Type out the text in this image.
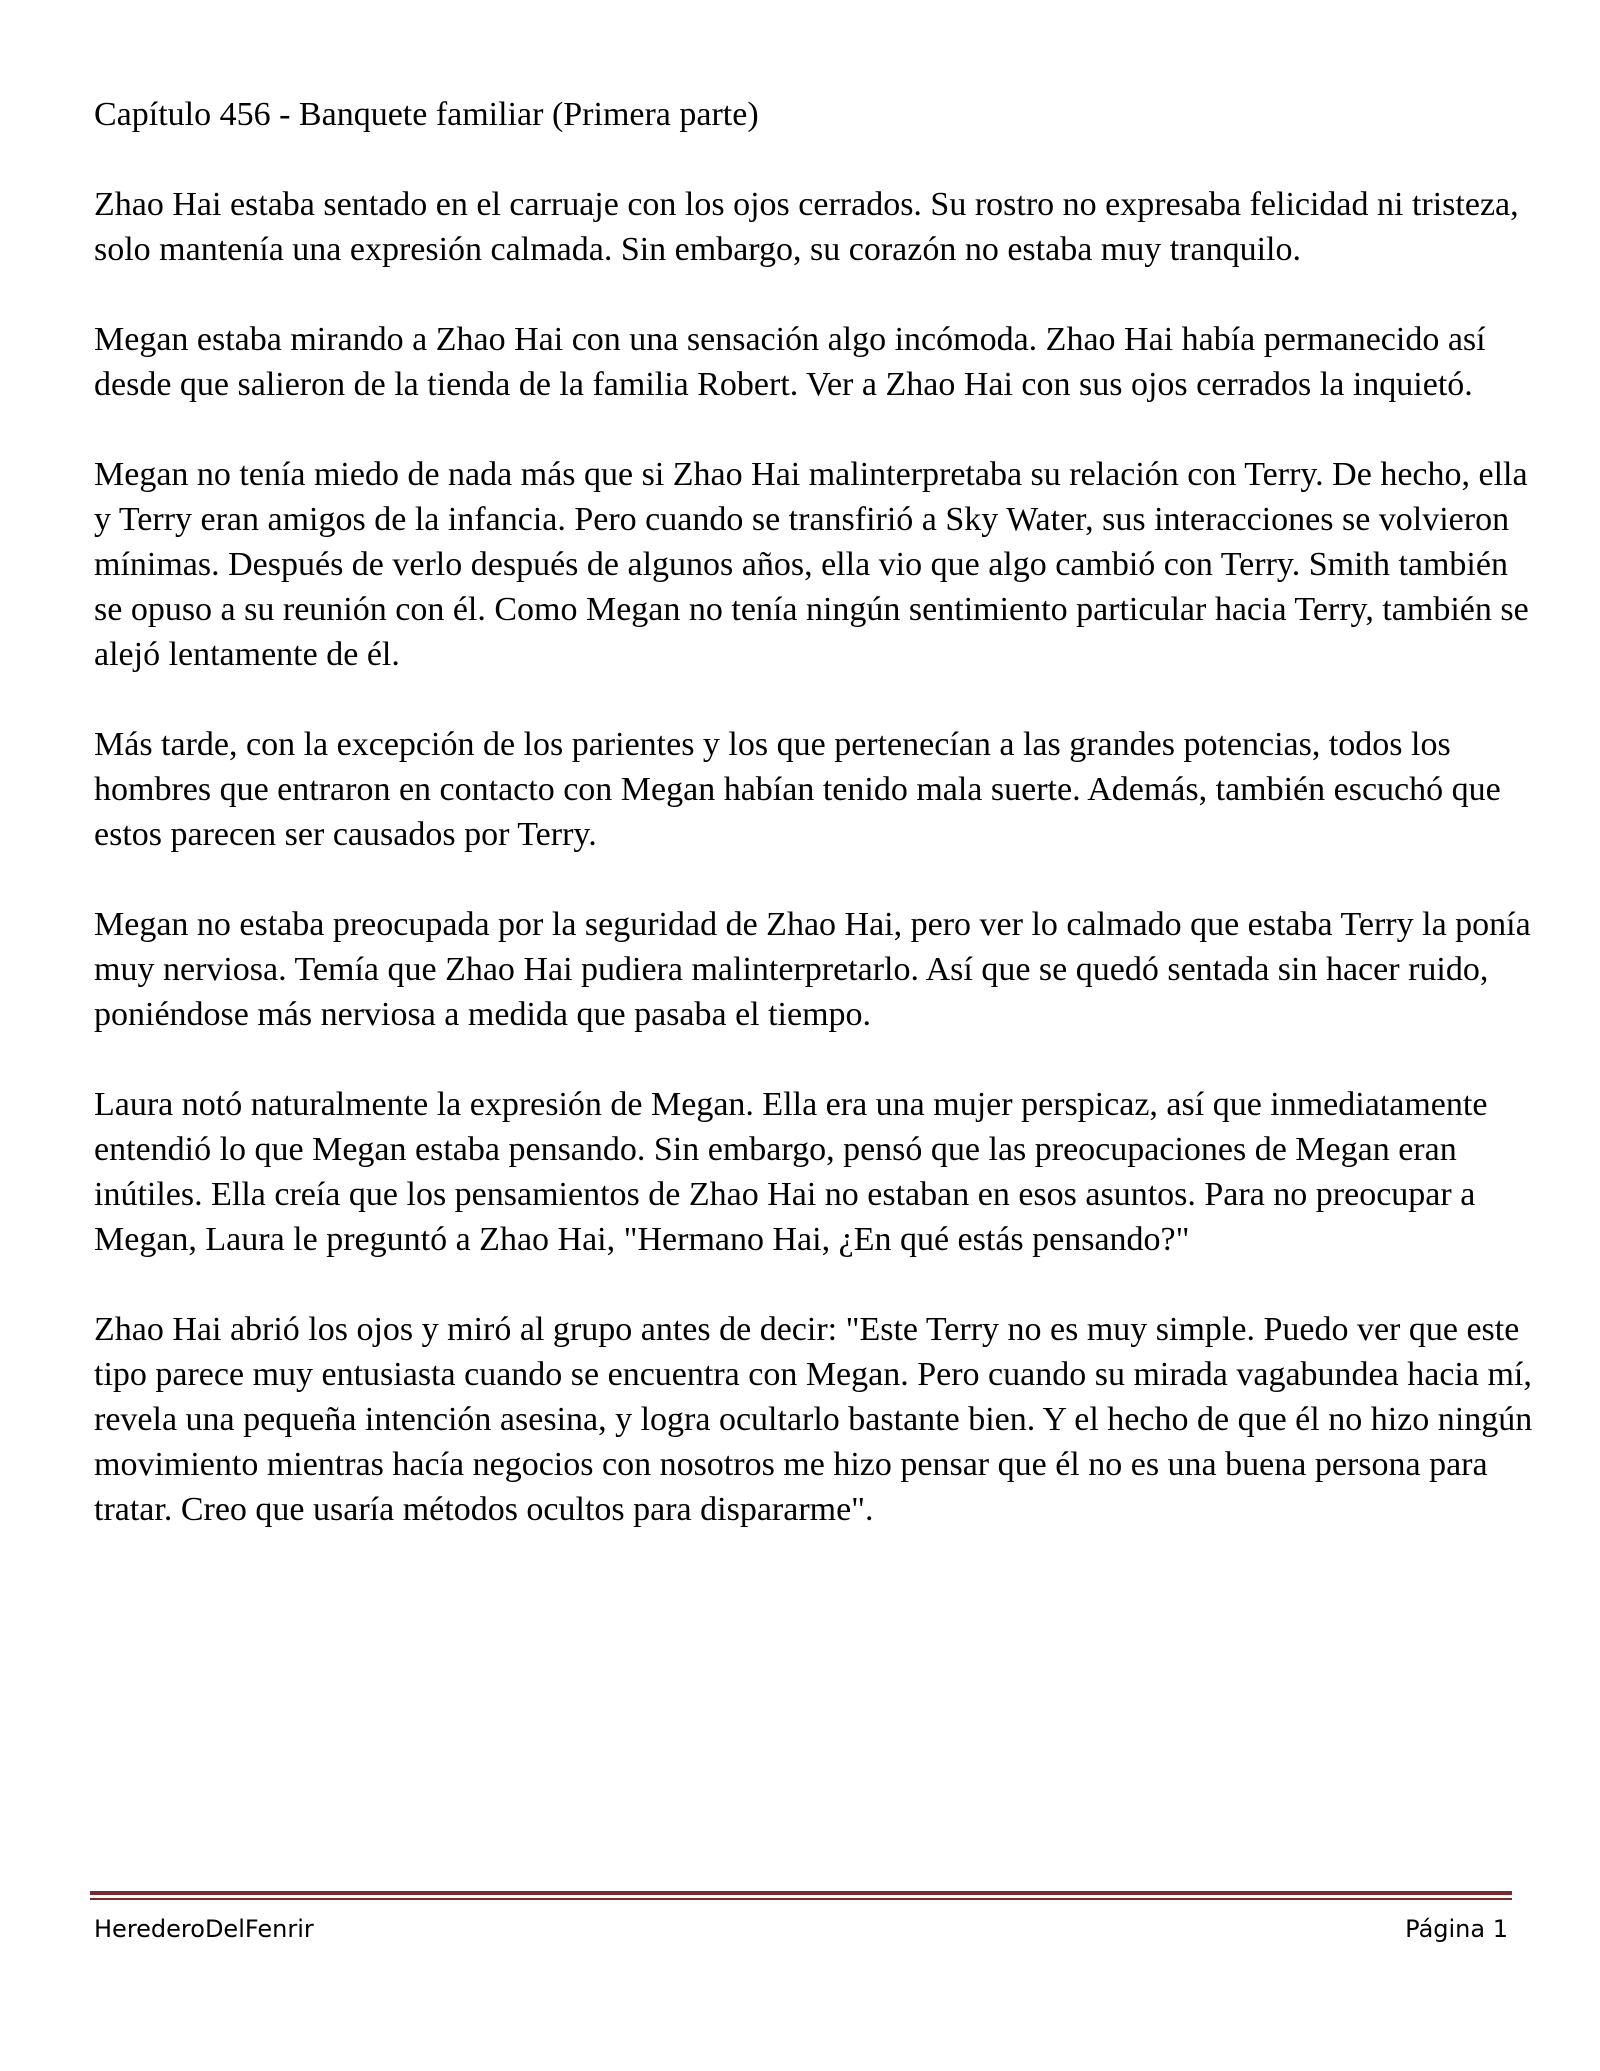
Capítulo 456 - Banquete familiar (Primera parte)

Zhao Hai estaba sentado en el carruaje con los ojos cerrados. Su rostro no expresaba felicidad ni tristeza, solo mantenía una expresión calmada. Sin embargo, su corazón no estaba muy tranquilo.

Megan estaba mirando a Zhao Hai con una sensación algo incómoda. Zhao Hai había permanecido así desde que salieron de la tienda de la familia Robert. Ver a Zhao Hai con sus ojos cerrados la inquietó.

Megan no tenía miedo de nada más que si Zhao Hai malinterpretaba su relación con Terry. De hecho, ella y Terry eran amigos de la infancia. Pero cuando se transfirió a Sky Water, sus interacciones se volvieron mínimas. Después de verlo después de algunos años, ella vio que algo cambió con Terry. Smith también se opuso a su reunión con él. Como Megan no tenía ningún sentimiento particular hacia Terry, también se alejó lentamente de él.

Más tarde, con la excepción de los parientes y los que pertenecían a las grandes potencias, todos los hombres que entraron en contacto con Megan habían tenido mala suerte. Además, también escuchó que estos parecen ser causados por Terry.

Megan no estaba preocupada por la seguridad de Zhao Hai, pero ver lo calmado que estaba Terry la ponía muy nerviosa. Temía que Zhao Hai pudiera malinterpretarlo. Así que se quedó sentada sin hacer ruido, poniéndose más nerviosa a medida que pasaba el tiempo.

Laura notó naturalmente la expresión de Megan. Ella era una mujer perspicaz, así que inmediatamente entendió lo que Megan estaba pensando. Sin embargo, pensó que las preocupaciones de Megan eran inútiles. Ella creía que los pensamientos de Zhao Hai no estaban en esos asuntos. Para no preocupar a Megan, Laura le preguntó a Zhao Hai, "Hermano Hai, ¿En qué estás pensando?"

Zhao Hai abrió los ojos y miró al grupo antes de decir: "Este Terry no es muy simple. Puedo ver que este tipo parece muy entusiasta cuando se encuentra con Megan. Pero cuando su mirada vagabundea hacia mí, revela una pequeña intención asesina, y logra ocultarlo bastante bien. Y el hecho de que él no hizo ningún movimiento mientras hacía negocios con nosotros me hizo pensar que él no es una buena persona para tratar. Creo que usaría métodos ocultos para dispararme".

HerederoDelFenrir	Página 1
